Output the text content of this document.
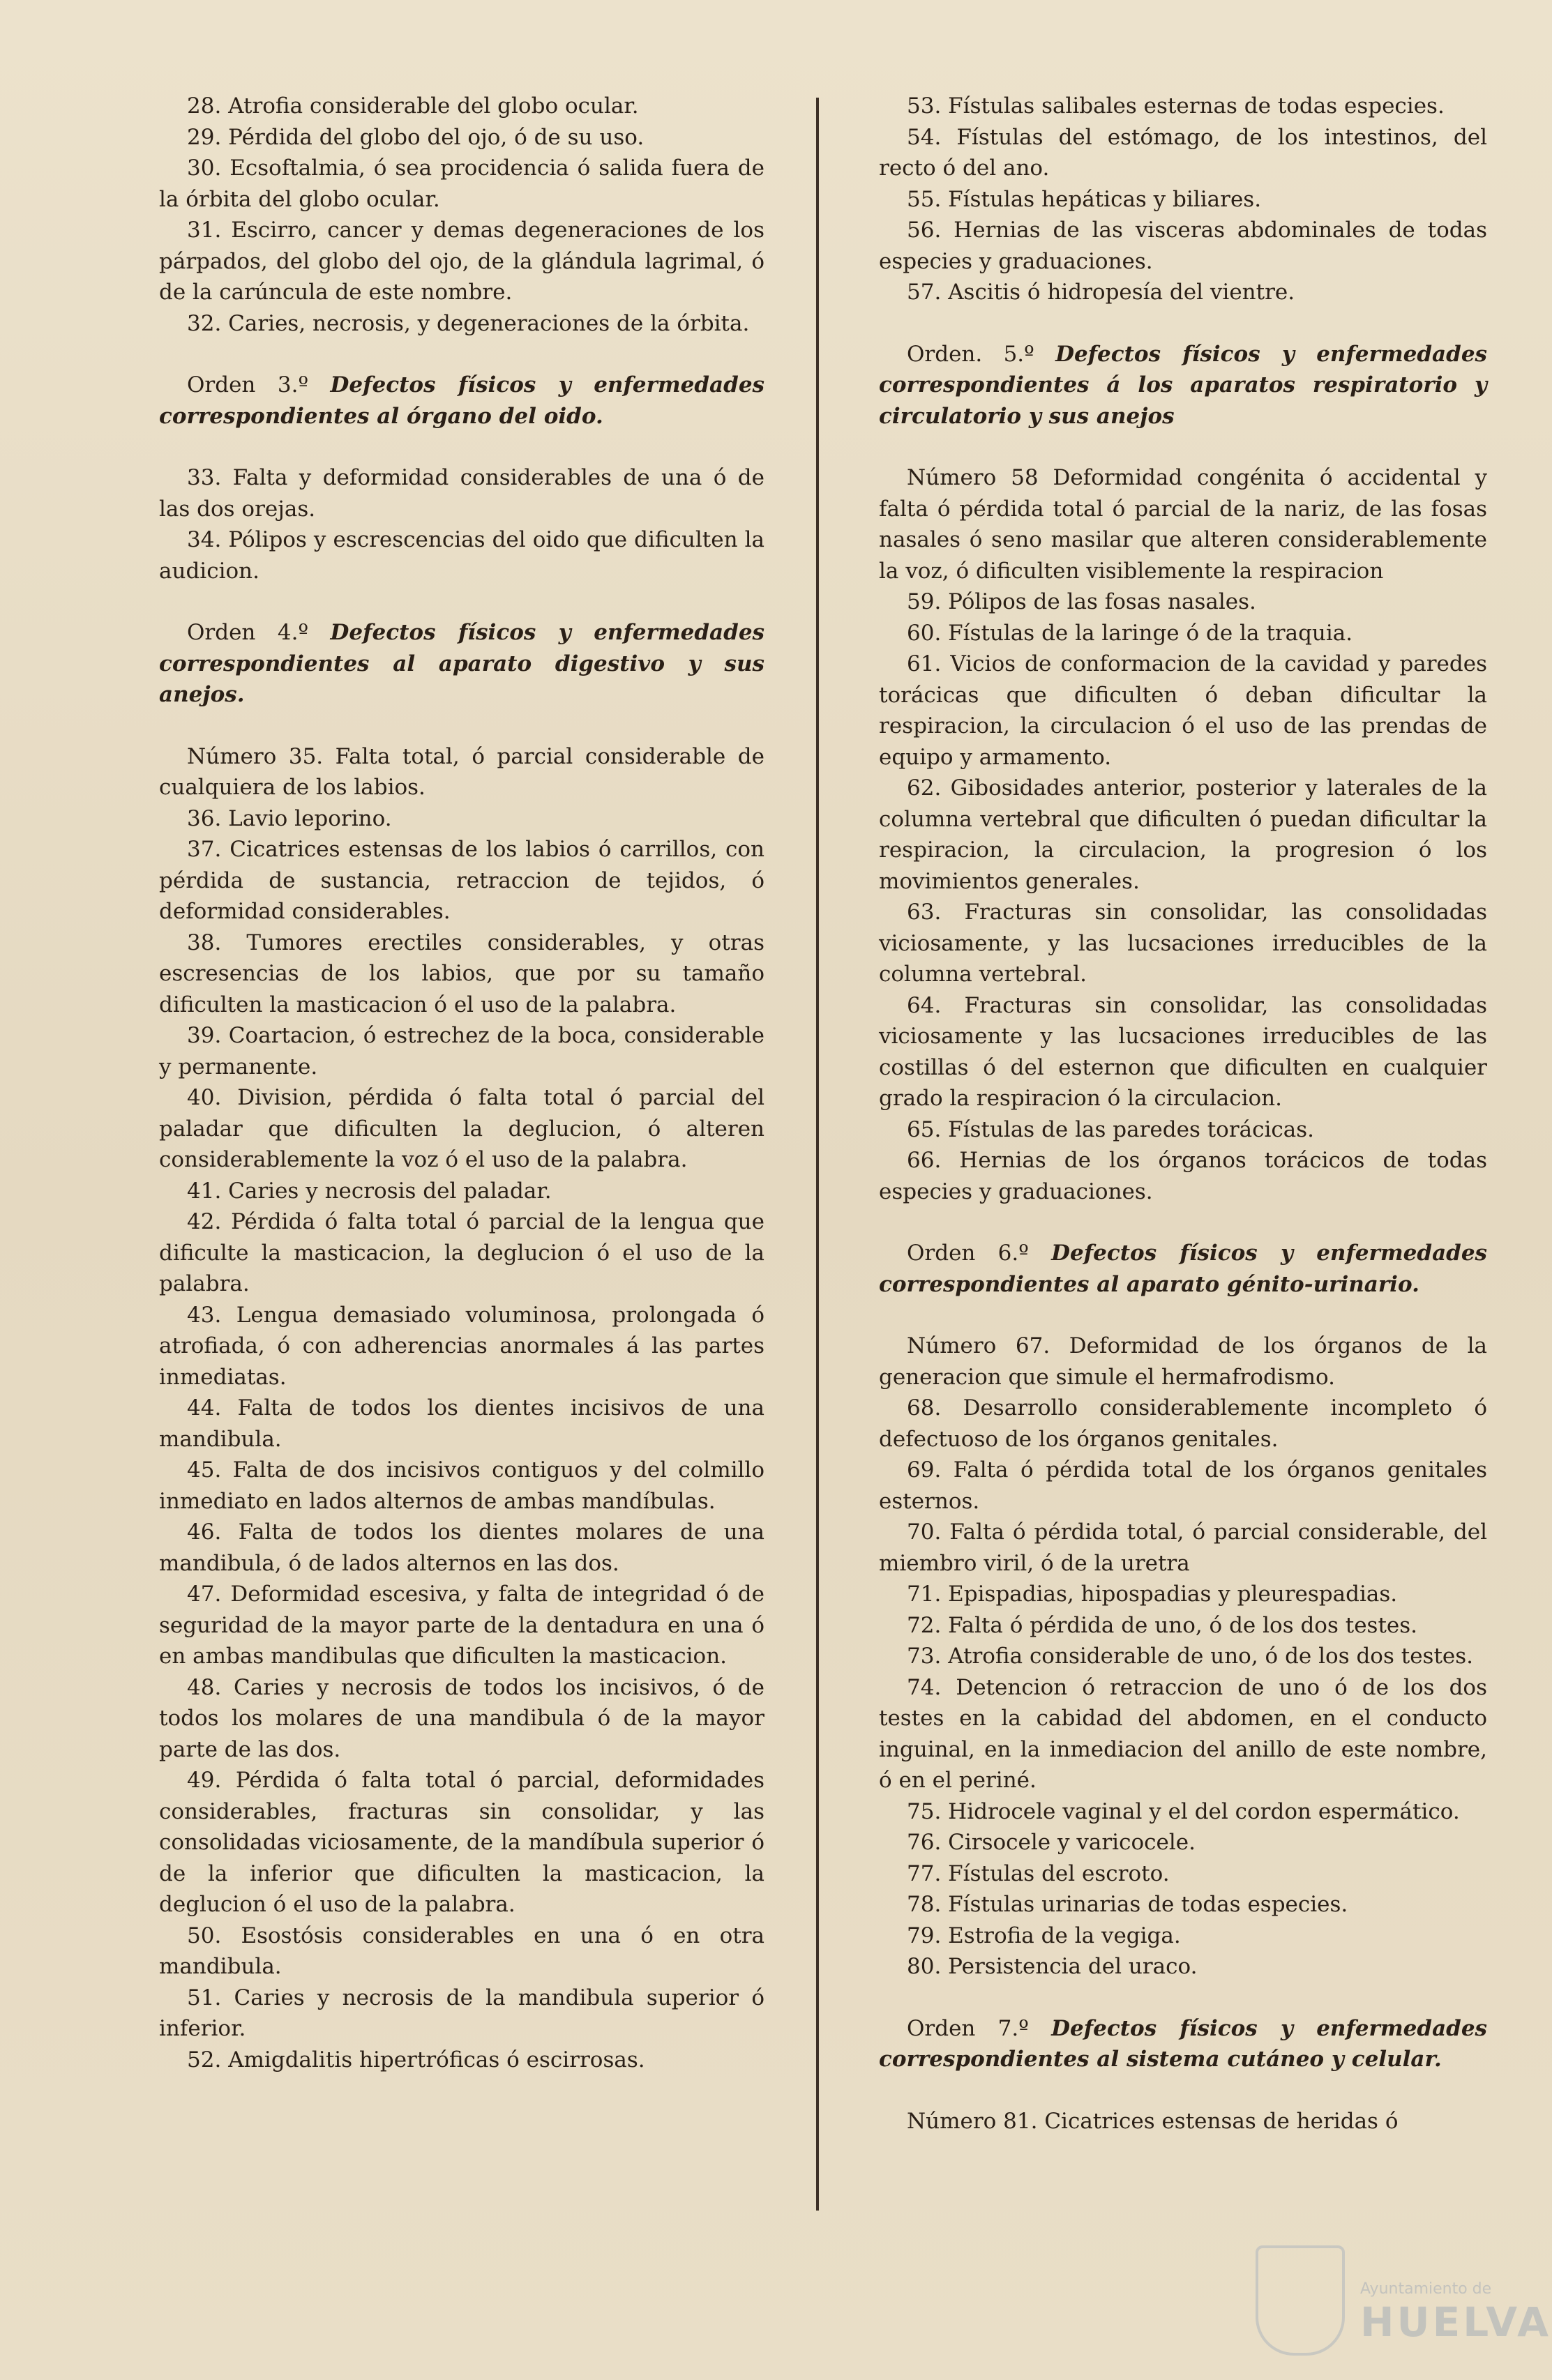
28. Atrofia considerable del globo ocular.

29. Pérdida del globo del ojo, ó de su uso.

30. Ecsoftalmia, ó sea procidencia ó salida fuera de la órbita del globo ocular.

31. Escirro, cancer y demas degeneraciones de los párpados, del globo del ojo, de la glándula lagrimal, ó de la carúncula de este nombre.

32. Caries, necrosis, y degeneraciones de la órbita.

Orden 3.º Defectos físicos y enfermedades correspondientes al órgano del oido.

33. Falta y deformidad considerables de una ó de las dos orejas.

34. Pólipos y escrescencias del oido que dificulten la audicion.

Orden 4.º Defectos físicos y enfermedades correspondientes al aparato digestivo y sus anejos.

Número 35. Falta total, ó parcial considerable de cualquiera de los labios.

36. Lavio leporino.

37. Cicatrices estensas de los labios ó carrillos, con pérdida de sustancia, retraccion de tejidos, ó deformidad considerables.

38. Tumores erectiles considerables, y otras escresencias de los labios, que por su tamaño dificulten la masticacion ó el uso de la palabra.

39. Coartacion, ó estrechez de la boca, considerable y permanente.

40. Division, pérdida ó falta total ó parcial del paladar que dificulten la deglucion, ó alteren considerablemente la voz ó el uso de la palabra.

41. Caries y necrosis del paladar.

42. Pérdida ó falta total ó parcial de la lengua que dificulte la masticacion, la deglucion ó el uso de la palabra.

43. Lengua demasiado voluminosa, prolongada ó atrofiada, ó con adherencias anormales á las partes inmediatas.

44. Falta de todos los dientes incisivos de una mandibula.

45. Falta de dos incisivos contiguos y del colmillo inmediato en lados alternos de ambas mandíbulas.

46. Falta de todos los dientes molares de una mandibula, ó de lados alternos en las dos.

47. Deformidad escesiva, y falta de integridad ó de seguridad de la mayor parte de la dentadura en una ó en ambas mandibulas que dificulten la masticacion.

48. Caries y necrosis de todos los incisivos, ó de todos los molares de una mandibula ó de la mayor parte de las dos.

49. Pérdida ó falta total ó parcial, deformidades considerables, fracturas sin consolidar, y las consolidadas viciosamente, de la mandíbula superior ó de la inferior que dificulten la masticacion, la deglucion ó el uso de la palabra.

50. Esostósis considerables en una ó en otra mandibula.

51. Caries y necrosis de la mandibula superior ó inferior.

52. Amigdalitis hipertróficas ó escirrosas.

53. Fístulas salibales esternas de todas especies.

54. Fístulas del estómago, de los intestinos, del recto ó del ano.

55. Fístulas hepáticas y biliares.

56. Hernias de las visceras abdominales de todas especies y graduaciones.

57. Ascitis ó hidropesía del vientre.

Orden. 5.º Defectos físicos y enfermedades correspondientes á los aparatos respiratorio y circulatorio y sus anejos

Número 58 Deformidad congénita ó accidental y falta ó pérdida total ó parcial de la nariz, de las fosas nasales ó seno masilar que alteren considerablemente la voz, ó dificulten visiblemente la respiracion

59. Pólipos de las fosas nasales.

60. Fístulas de la laringe ó de la traquia.

61. Vicios de conformacion de la cavidad y paredes torácicas que dificulten ó deban dificultar la respiracion, la circulacion ó el uso de las prendas de equipo y armamento.

62. Gibosidades anterior, posterior y laterales de la columna vertebral que dificulten ó puedan dificultar la respiracion, la circulacion, la progresion ó los movimientos generales.

63. Fracturas sin consolidar, las consolidadas viciosamente, y las lucsaciones irreducibles de la columna vertebral.

64. Fracturas sin consolidar, las consolidadas viciosamente y las lucsaciones irreducibles de las costillas ó del esternon que dificulten en cualquier grado la respiracion ó la circulacion.

65. Fístulas de las paredes torácicas.

66. Hernias de los órganos torácicos de todas especies y graduaciones.

Orden 6.º Defectos físicos y enfermedades correspondientes al aparato génito-urinario.

Número 67. Deformidad de los órganos de la generacion que simule el hermafrodismo.

68. Desarrollo considerablemente incompleto ó defectuoso de los órganos genitales.

69. Falta ó pérdida total de los órganos genitales esternos.

70. Falta ó pérdida total, ó parcial considerable, del miembro viril, ó de la uretra

71. Epispadias, hipospadias y pleurespadias.

72. Falta ó pérdida de uno, ó de los dos testes.

73. Atrofia considerable de uno, ó de los dos testes.

74. Detencion ó retraccion de uno ó de los dos testes en la cabidad del abdomen, en el conducto inguinal, en la inmediacion del anillo de este nombre, ó en el periné.

75. Hidrocele vaginal y el del cordon espermático.

76. Cirsocele y varicocele.

77. Fístulas del escroto.

78. Fístulas urinarias de todas especies.

79. Estrofia de la vegiga.

80. Persistencia del uraco.

Orden 7.º Defectos físicos y enfermedades correspondientes al sistema cutáneo y celular.

Número 81. Cicatrices estensas de heridas ó

Ayuntamiento de
HUELVA
